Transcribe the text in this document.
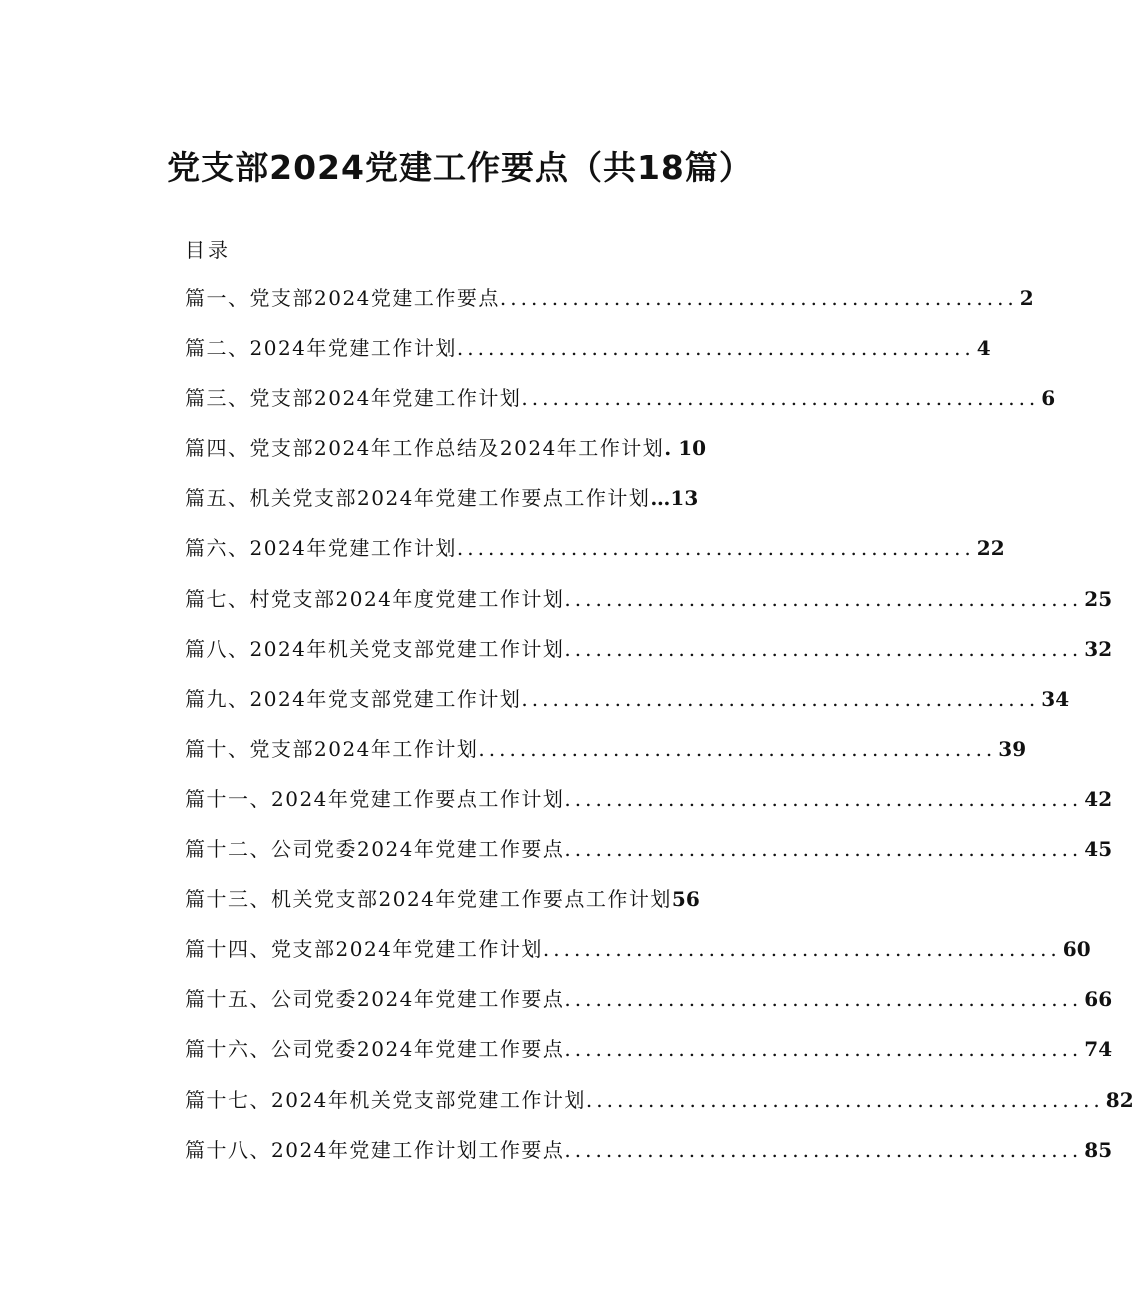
党支部2024党建工作要点（共18篇）
目录
篇一、党支部2024党建工作要点 .................................................. 2
篇二、2024年党建工作计划 .................................................. 4
篇三、党支部2024年党建工作计划 .................................................. 6
篇四、党支部2024年工作总结及2024年工作计划 . 10
篇五、机关党支部2024年党建工作要点工作计划 …13
篇六、2024年党建工作计划 .................................................. 22
篇七、村党支部2024年度党建工作计划 .................................................. 25
篇八、2024年机关党支部党建工作计划 .................................................. 32
篇九、2024年党支部党建工作计划 .................................................. 34
篇十、党支部2024年工作计划 .................................................. 39
篇十一、2024年党建工作要点工作计划 .................................................. 42
篇十二、公司党委2024年党建工作要点 .................................................. 45
篇十三、机关党支部2024年党建工作要点工作计划 56
篇十四、党支部2024年党建工作计划 .................................................. 60
篇十五、公司党委2024年党建工作要点 .................................................. 66
篇十六、公司党委2024年党建工作要点 .................................................. 74
篇十七、2024年机关党支部党建工作计划 .................................................. 82
篇十八、2024年党建工作计划工作要点 .................................................. 85
